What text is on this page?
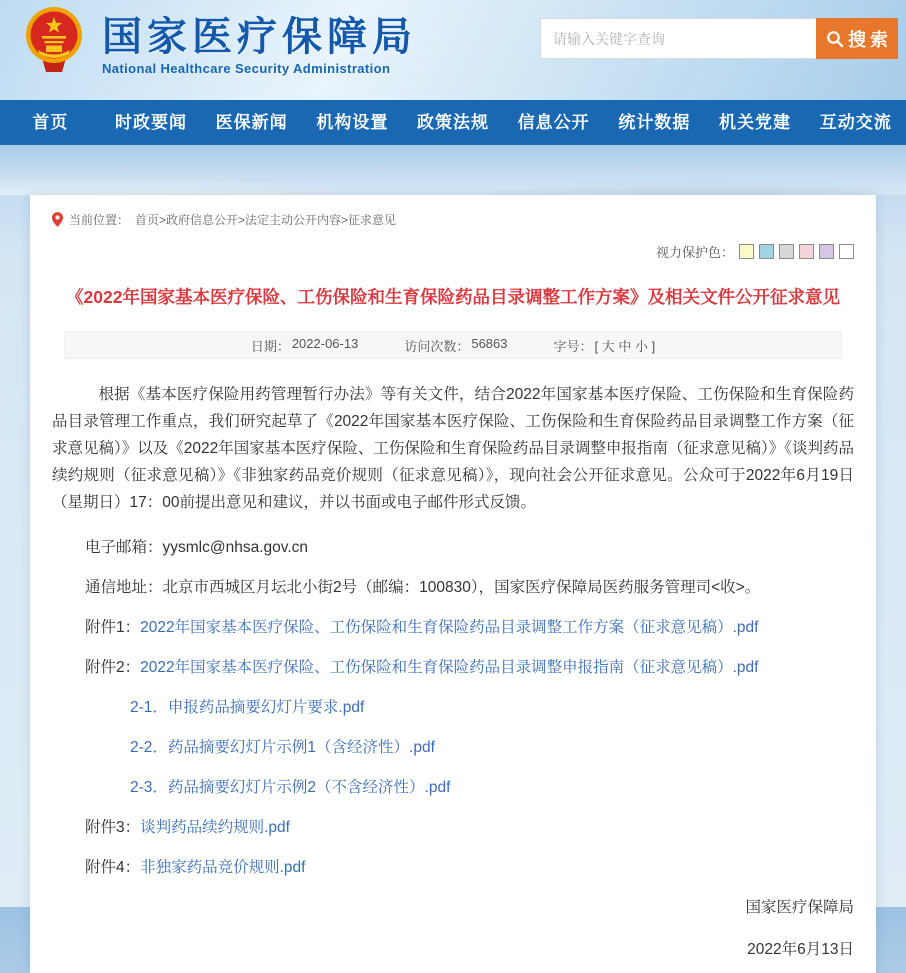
国家医疗保障局
National Healthcare Security Administration
请输入关键字查询
搜索
首页	时政要闻	医保新闻	机构设置	政策法规	信息公开	统计数据	机关党建	互动交流
当前位置： 首页>政府信息公开>法定主动公开内容>征求意见
视力保护色：
《2022年国家基本医疗保险、工伤保险和生育保险药品目录调整工作方案》及相关文件公开征求意见
日期： 2022-06-13	访问次数： 56863	字号： [ 大 中 小 ]

根据《基本医疗保险用药管理暂行办法》等有关文件，结合2022年国家基本医疗保险、工伤保险和生育保险药品目录管理工作重点，我们研究起草了《2022年国家基本医疗保险、工伤保险和生育保险药品目录调整工作方案（征求意见稿）》以及《2022年国家基本医疗保险、工伤保险和生育保险药品目录调整申报指南（征求意见稿）》《谈判药品续约规则（征求意见稿）》《非独家药品竞价规则（征求意见稿）》，现向社会公开征求意见。公众可于2022年6月19日（星期日）17：00前提出意见和建议，并以书面或电子邮件形式反馈。

电子邮箱：yysmlc@nhsa.gov.cn
通信地址：北京市西城区月坛北小街2号（邮编：100830），国家医疗保障局医药服务管理司<收>。
附件1：2022年国家基本医疗保险、工伤保险和生育保险药品目录调整工作方案（征求意见稿）.pdf
附件2：2022年国家基本医疗保险、工伤保险和生育保险药品目录调整申报指南（征求意见稿）.pdf
2-1．申报药品摘要幻灯片要求.pdf
2-2．药品摘要幻灯片示例1（含经济性）.pdf
2-3．药品摘要幻灯片示例2（不含经济性）.pdf
附件3：谈判药品续约规则.pdf
附件4：非独家药品竞价规则.pdf
国家医疗保障局
2022年6月13日
